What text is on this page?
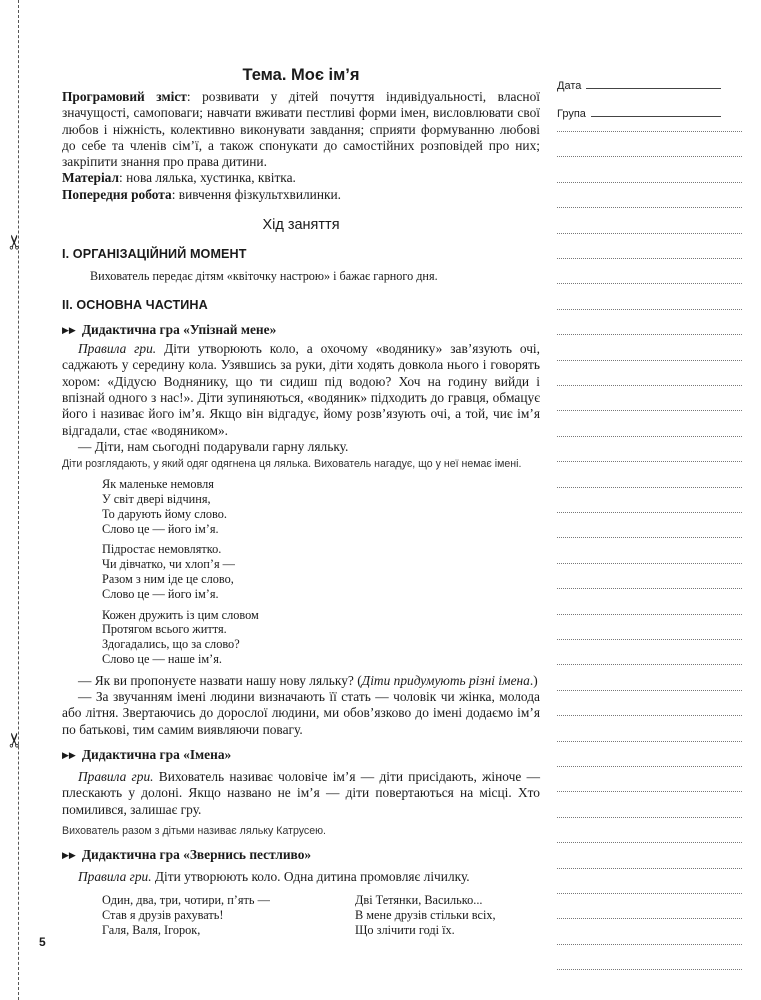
✂
✂
Дата
Група
Тема. Моє ім’я

Програмовий зміст: розвивати у дітей почуття індивідуальності, власної значущості, самоповаги; навчати вживати пестливі форми імен, висловлювати свої любов і ніжність, колективно виконувати завдання; сприяти формуванню любові до себе та членів сім’ї, а також спонукати до самостійних розповідей про них; закріпити знання про права дитини.

Матеріал: нова лялька, хустинка, квітка.

Попередня робота: вивчення фізкультхвилинки.

Хід заняття
І. ОРГАНІЗАЦІЙНИЙ МОМЕНТ

Вихователь передає дітям «квіточку настрою» і бажає гарного дня.

ІІ. ОСНОВНА ЧАСТИНА
▶▶ Дидактична гра «Упізнай мене»

Правила гри. Діти утворюють коло, а охочому «водянику» зав’язують очі, саджають у середину кола. Узявшись за руки, діти ходять довкола нього і говорять хором: «Дідусю Воднянику, що ти сидиш під водою? Хоч на годину вийди і впізнай одного з нас!». Діти зупиняються, «водяник» підходить до гравця, обмацує його і називає його ім’я. Якщо він відгадує, йому розв’язують очі, а той, чиє ім’я відгадали, стає «водяником».

— Діти, нам сьогодні подарували гарну ляльку.

Діти розглядають, у який одяг одягнена ця лялька. Вихователь нагадує, що у неї немає імені.

Як маленьке немовля
У світ двері відчиня,
То дарують йому слово.
Слово це — його ім’я.
Підростає немовлятко.
Чи дівчатко, чи хлоп’я —
Разом з ним іде це слово,
Слово це — його ім’я.
Кожен дружить із цим словом
Протягом всього життя.
Здогадались, що за слово?
Слово це — наше ім’я.

— Як ви пропонуєте назвати нашу нову ляльку? (Діти придумують різні імена.)

— За звучанням імені людини визначають її стать — чоловік чи жінка, молода або літня. Звертаючись до дорослої людини, ми обов’язково до імені додаємо ім’я по батькові, тим самим виявляючи повагу.

▶▶ Дидактична гра «Імена»

Правила гри. Вихователь називає чоловіче ім’я — діти присідають, жіноче — плескають у долоні. Якщо названо не ім’я — діти повертаються на місці. Хто помилився, залишає гру.

Вихователь разом з дітьми називає ляльку Катрусею.

▶▶ Дидактична гра «Звернись пестливо»

Правила гри. Діти утворюють коло. Одна дитина промовляє лічилку.

Один, два, три, чотири, п’ять —
Став я друзів рахувать!
Галя, Валя, Ігорок,
Дві Тетянки, Василько...
В мене друзів стільки всіх,
Що злічити годі їх.
5
